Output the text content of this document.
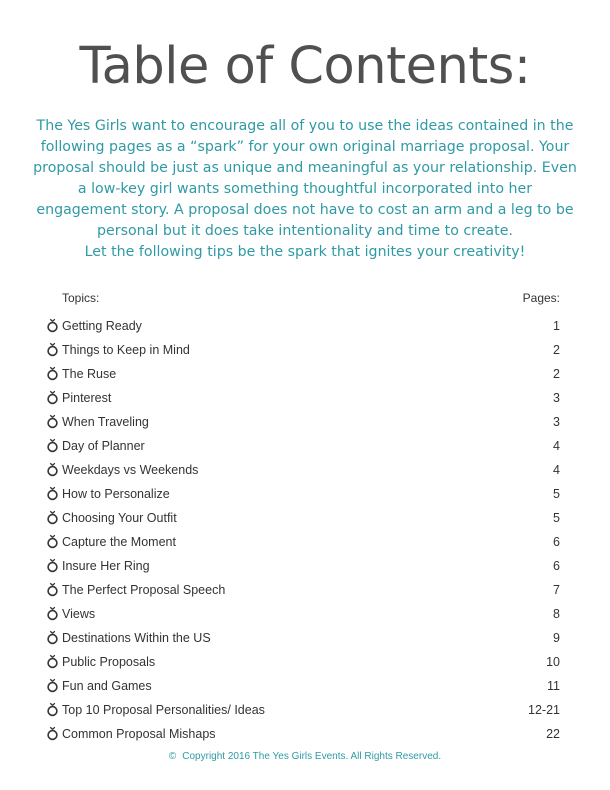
Table of Contents:
The Yes Girls want to encourage all of you to use the ideas contained in the
following pages as a “spark” for your own original marriage proposal. Your
proposal should be just as unique and meaningful as your relationship. Even
a low-key girl wants something thoughtful incorporated into her
engagement story. A proposal does not have to cost an arm and a leg to be
personal but it does take intentionality and time to create.
Let the following tips be the spark that ignites your creativity!
Topics:	Pages:
Getting Ready	1
Things to Keep in Mind	2
The Ruse	2
Pinterest	3
When Traveling	3
Day of Planner	4
Weekdays vs Weekends	4
How to Personalize	5
Choosing Your Outfit	5
Capture the Moment	6
Insure Her Ring	6
The Perfect Proposal Speech	7
Views	8
Destinations Within the US	9
Public Proposals	10
Fun and Games	11
Top 10 Proposal Personalities/ Ideas	12-21
Common Proposal Mishaps	22
© Copyright 2016 The Yes Girls Events. All Rights Reserved.
